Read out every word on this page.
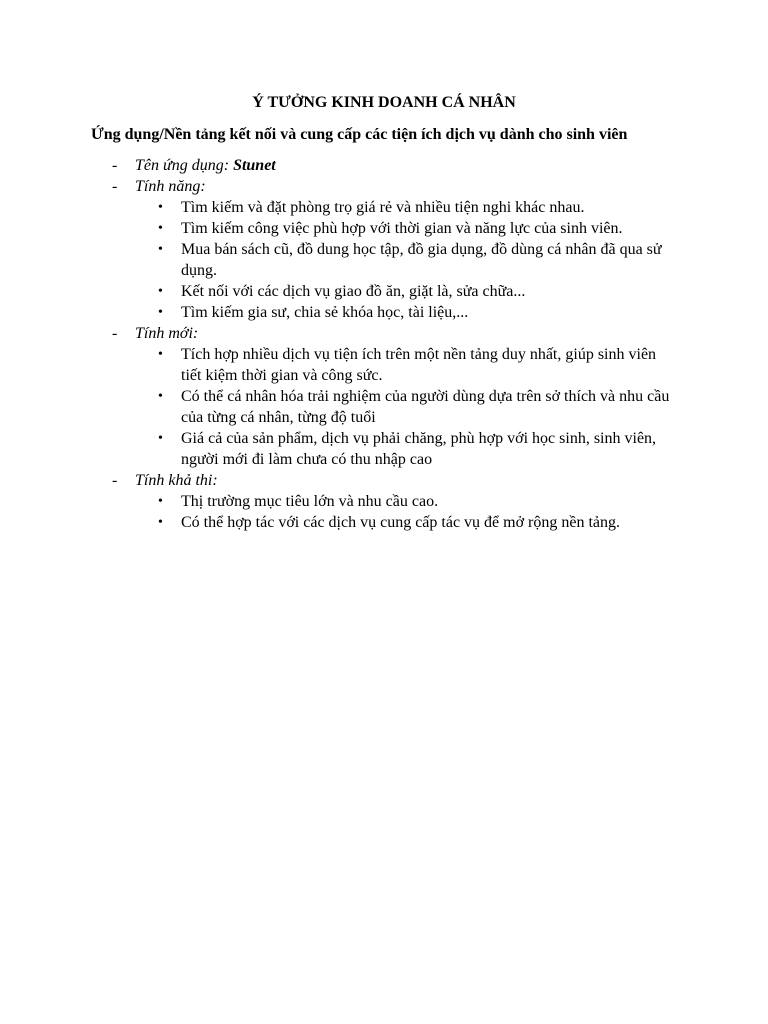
Ý TƯỞNG KINH DOANH CÁ NHÂN
Ứng dụng/Nền tảng kết nối và cung cấp các tiện ích dịch vụ dành cho sinh viên
- Tên ứng dụng: Stunet
- Tính năng:
• Tìm kiếm và đặt phòng trọ giá rẻ và nhiều tiện nghi khác nhau.
• Tìm kiếm công việc phù hợp với thời gian và năng lực của sinh viên.
• Mua bán sách cũ, đồ dung học tập, đồ gia dụng, đồ dùng cá nhân đã qua sử dụng.
• Kết nối với các dịch vụ giao đồ ăn, giặt là, sửa chữa...
• Tìm kiếm gia sư, chia sẻ khóa học, tài liệu,...
- Tính mới:
• Tích hợp nhiều dịch vụ tiện ích trên một nền tảng duy nhất, giúp sinh viên tiết kiệm thời gian và công sức.
• Có thể cá nhân hóa trải nghiệm của người dùng dựa trên sở thích và nhu cầu của từng cá nhân, từng độ tuổi
• Giá cả của sản phẩm, dịch vụ phải chăng, phù hợp với học sinh, sinh viên, người mới đi làm chưa có thu nhập cao
- Tính khả thi:
• Thị trường mục tiêu lớn và nhu cầu cao.
• Có thể hợp tác với các dịch vụ cung cấp tác vụ để mở rộng nền tảng.
